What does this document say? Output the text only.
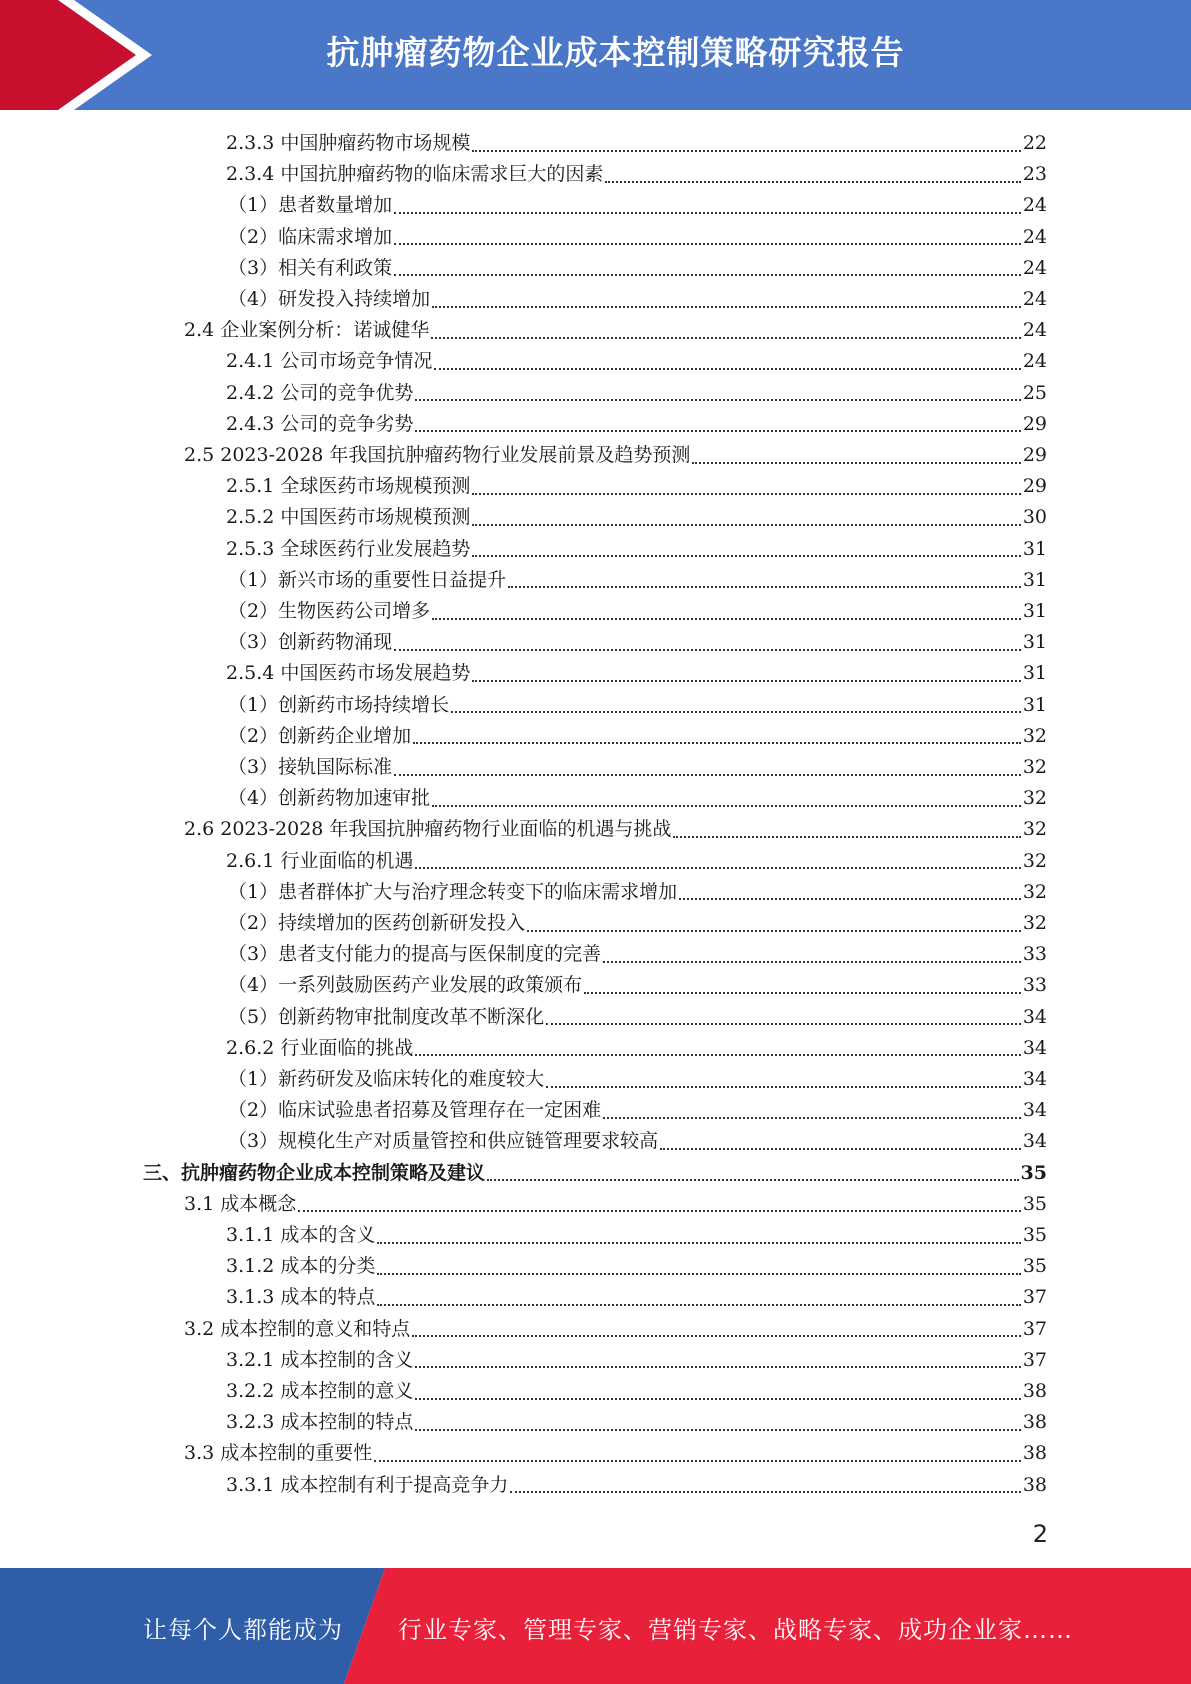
抗肿瘤药物企业成本控制策略研究报告
2.3.3 中国肿瘤药物市场规模	22
2.3.4 中国抗肿瘤药物的临床需求巨大的因素	23
（1）患者数量增加	24
（2）临床需求增加	24
（3）相关有利政策	24
（4）研发投入持续增加	24
2.4 企业案例分析：诺诚健华	24
2.4.1 公司市场竞争情况	24
2.4.2 公司的竞争优势	25
2.4.3 公司的竞争劣势	29
2.5 2023-2028 年我国抗肿瘤药物行业发展前景及趋势预测	29
2.5.1 全球医药市场规模预测	29
2.5.2 中国医药市场规模预测	30
2.5.3 全球医药行业发展趋势	31
（1）新兴市场的重要性日益提升	31
（2）生物医药公司增多	31
（3）创新药物涌现	31
2.5.4 中国医药市场发展趋势	31
（1）创新药市场持续增长	31
（2）创新药企业增加	32
（3）接轨国际标准	32
（4）创新药物加速审批	32
2.6 2023-2028 年我国抗肿瘤药物行业面临的机遇与挑战	32
2.6.1 行业面临的机遇	32
（1）患者群体扩大与治疗理念转变下的临床需求增加	32
（2）持续增加的医药创新研发投入	32
（3）患者支付能力的提高与医保制度的完善	33
（4）一系列鼓励医药产业发展的政策颁布	33
（5）创新药物审批制度改革不断深化	34
2.6.2 行业面临的挑战	34
（1）新药研发及临床转化的难度较大	34
（2）临床试验患者招募及管理存在一定困难	34
（3）规模化生产对质量管控和供应链管理要求较高	34
三、抗肿瘤药物企业成本控制策略及建议	35
3.1 成本概念	35
3.1.1 成本的含义	35
3.1.2 成本的分类	35
3.1.3 成本的特点	37
3.2 成本控制的意义和特点	37
3.2.1 成本控制的含义	37
3.2.2 成本控制的意义	38
3.2.3 成本控制的特点	38
3.3 成本控制的重要性	38
3.3.1 成本控制有利于提高竞争力	38
2
让每个人都能成为 行业专家、管理专家、营销专家、战略专家、成功企业家……
